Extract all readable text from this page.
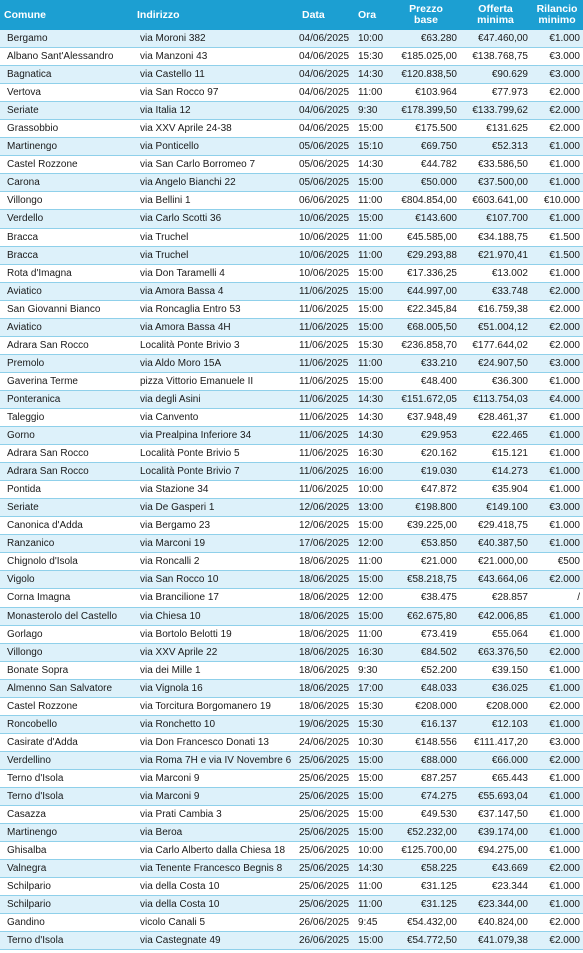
Comune	Indirizzo	Data	Ora	Prezzo base	Offerta minima	Rilancio minimo
Bergamo	via Moroni 382	04/06/2025	10:00	€63.280	€47.460,00	€1.000
Albano Sant'Alessandro	via Manzoni 43	04/06/2025	15:30	€185.025,00	€138.768,75	€3.000
Bagnatica	via Castello 11	04/06/2025	14:30	€120.838,50	€90.629	€3.000
Vertova	via San Rocco 97	04/06/2025	11:00	€103.964	€77.973	€2.000
Seriate	via Italia 12	04/06/2025	9:30	€178.399,50	€133.799,62	€2.000
Grassobbio	via XXV Aprile 24-38	04/06/2025	15:00	€175.500	€131.625	€2.000
Martinengo	via Ponticello	05/06/2025	15:10	€69.750	€52.313	€1.000
Castel Rozzone	via San Carlo Borromeo 7	05/06/2025	14:30	€44.782	€33.586,50	€1.000
Carona	via Angelo Bianchi 22	05/06/2025	15:00	€50.000	€37.500,00	€1.000
Villongo	via Bellini 1	06/06/2025	11:00	€804.854,00	€603.641,00	€10.000
Verdello	via Carlo Scotti 36	10/06/2025	15:00	€143.600	€107.700	€1.000
Bracca	via Truchel	10/06/2025	11:00	€45.585,00	€34.188,75	€1.500
Bracca	via Truchel	10/06/2025	11:00	€29.293,88	€21.970,41	€1.500
Rota d'Imagna	via Don Taramelli 4	10/06/2025	15:00	€17.336,25	€13.002	€1.000
Aviatico	via Amora Bassa 4	11/06/2025	15:00	€44.997,00	€33.748	€2.000
San Giovanni Bianco	via Roncaglia Entro 53	11/06/2025	15:00	€22.345,84	€16.759,38	€2.000
Aviatico	via Amora Bassa 4H	11/06/2025	15:00	€68.005,50	€51.004,12	€2.000
Adrara San Rocco	Località Ponte Brivio 3	11/06/2025	15:30	€236.858,70	€177.644,02	€2.000
Premolo	via Aldo Moro 15A	11/06/2025	11:00	€33.210	€24.907,50	€3.000
Gaverina Terme	pizza Vittorio Emanuele II	11/06/2025	15:00	€48.400	€36.300	€1.000
Ponteranica	via degli Asini	11/06/2025	14:30	€151.672,05	€113.754,03	€4.000
Taleggio	via Canvento	11/06/2025	14:30	€37.948,49	€28.461,37	€1.000
Gorno	via Prealpina Inferiore 34	11/06/2025	14:30	€29.953	€22.465	€1.000
Adrara San Rocco	Località Ponte Brivio 5	11/06/2025	16:30	€20.162	€15.121	€1.000
Adrara San Rocco	Località Ponte Brivio 7	11/06/2025	16:00	€19.030	€14.273	€1.000
Pontida	via Stazione 34	11/06/2025	10:00	€47.872	€35.904	€1.000
Seriate	via De Gasperi 1	12/06/2025	13:00	€198.800	€149.100	€3.000
Canonica d'Adda	via Bergamo 23	12/06/2025	15:00	€39.225,00	€29.418,75	€1.000
Ranzanico	via Marconi 19	17/06/2025	12:00	€53.850	€40.387,50	€1.000
Chignolo d'Isola	via Roncalli 2	18/06/2025	11:00	€21.000	€21.000,00	€500
Vigolo	via San Rocco 10	18/06/2025	15:00	€58.218,75	€43.664,06	€2.000
Corna Imagna	via Brancilione 17	18/06/2025	12:00	€38.475	€28.857	/
Monasterolo del Castello	via Chiesa 10	18/06/2025	15:00	€62.675,80	€42.006,85	€1.000
Gorlago	via Bortolo Belotti 19	18/06/2025	11:00	€73.419	€55.064	€1.000
Villongo	via XXV Aprile 22	18/06/2025	16:30	€84.502	€63.376,50	€2.000
Bonate Sopra	via dei Mille 1	18/06/2025	9:30	€52.200	€39.150	€1.000
Almenno San Salvatore	via Vignola 16	18/06/2025	17:00	€48.033	€36.025	€1.000
Castel Rozzone	via Torcitura Borgomanero 19	18/06/2025	15:30	€208.000	€208.000	€2.000
Roncobello	via Ronchetto 10	19/06/2025	15:30	€16.137	€12.103	€1.000
Casirate d'Adda	via Don Francesco Donati 13	24/06/2025	10:30	€148.556	€111.417,20	€3.000
Verdellino	via Roma 7H e via IV Novembre 6	25/06/2025	15:00	€88.000	€66.000	€2.000
Terno d'Isola	via Marconi 9	25/06/2025	15:00	€87.257	€65.443	€1.000
Terno d'Isola	via Marconi 9	25/06/2025	15:00	€74.275	€55.693,04	€1.000
Casazza	via Prati Cambia 3	25/06/2025	15:00	€49.530	€37.147,50	€1.000
Martinengo	via Beroa	25/06/2025	15:00	€52.232,00	€39.174,00	€1.000
Ghisalba	via Carlo Alberto dalla Chiesa 18	25/06/2025	10:00	€125.700,00	€94.275,00	€1.000
Valnegra	via Tenente Francesco Begnis 8	25/06/2025	14:30	€58.225	€43.669	€2.000
Schilpario	via della Costa 10	25/06/2025	11:00	€31.125	€23.344	€1.000
Schilpario	via della Costa 10	25/06/2025	11:00	€31.125	€23.344,00	€1.000
Gandino	vicolo Canali 5	26/06/2025	9:45	€54.432,00	€40.824,00	€2.000
Terno d'Isola	via Castegnate 49	26/06/2025	15:00	€54.772,50	€41.079,38	€2.000
